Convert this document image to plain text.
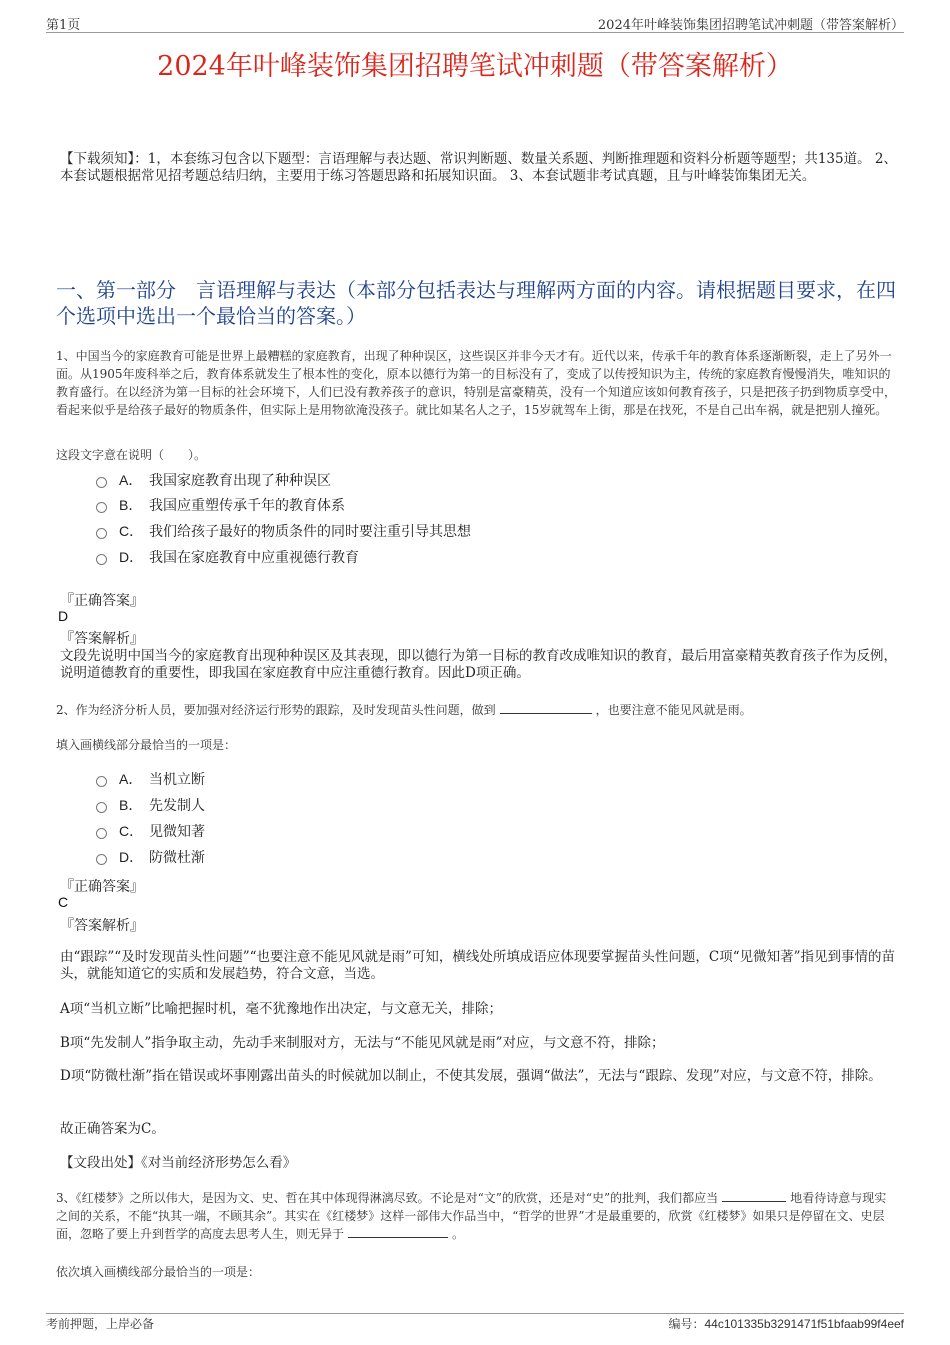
第1页	2024年叶峰装饰集团招聘笔试冲刺题（带答案解析）
2024年叶峰装饰集团招聘笔试冲刺题（带答案解析）
【下载须知】：1，本套练习包含以下题型：言语理解与表达题、常识判断题、数量关系题、判断推理题和资料分析题等题型；共135道。 2、本套试题根据常见招考题总结归纳，主要用于练习答题思路和拓展知识面。 3、本套试题非考试真题，且与叶峰装饰集团无关。
一、第一部分　言语理解与表达（本部分包括表达与理解两方面的内容。请根据题目要求，在四个选项中选出一个最恰当的答案。）
1、中国当今的家庭教育可能是世界上最糟糕的家庭教育，出现了种种误区，这些误区并非今天才有。近代以来，传承千年的教育体系逐渐断裂，走上了另外一面。从1905年废科举之后，教育体系就发生了根本性的变化，原本以德行为第一的目标没有了，变成了以传授知识为主，传统的家庭教育慢慢消失，唯知识的教育盛行。在以经济为第一目标的社会环境下，人们已没有教养孩子的意识，特别是富豪精英，没有一个知道应该如何教育孩子，只是把孩子扔到物质享受中，看起来似乎是给孩子最好的物质条件，但实际上是用物欲淹没孩子。就比如某名人之子，15岁就驾车上街，那是在找死，不是自己出车祸，就是把别人撞死。
这段文字意在说明（　　）。
A． 我国家庭教育出现了种种误区
B． 我国应重塑传承千年的教育体系
C． 我们给孩子最好的物质条件的同时要注重引导其思想
D． 我国在家庭教育中应重视德行教育
『正确答案』
D
『答案解析』
文段先说明中国当今的家庭教育出现种种误区及其表现，即以德行为第一目标的教育改成唯知识的教育，最后用富豪精英教育孩子作为反例，说明道德教育的重要性，即我国在家庭教育中应注重德行教育。因此D项正确。
2、作为经济分析人员，要加强对经济运行形势的跟踪，及时发现苗头性问题，做到	，也要注意不能见风就是雨。
填入画横线部分最恰当的一项是：
A． 当机立断
B． 先发制人
C． 见微知著
D． 防微杜渐
『正确答案』
C
『答案解析』
由“跟踪”“及时发现苗头性问题”“也要注意不能见风就是雨”可知，横线处所填成语应体现要掌握苗头性问题，C项“见微知著”指见到事情的苗头，就能知道它的实质和发展趋势，符合文意，当选。
A项“当机立断”比喻把握时机，毫不犹豫地作出决定，与文意无关，排除；
B项“先发制人”指争取主动，先动手来制服对方，无法与“不能见风就是雨”对应，与文意不符，排除；
D项“防微杜渐”指在错误或坏事刚露出苗头的时候就加以制止，不使其发展，强调“做法”，无法与“跟踪、发现”对应，与文意不符，排除。
故正确答案为C。
【文段出处】《对当前经济形势怎么看》
3、《红楼梦》之所以伟大，是因为文、史、哲在其中体现得淋漓尽致。不论是对“文”的欣赏，还是对“史”的批判，我们都应当	地看待诗意与现实之间的关系，不能“执其一端，不顾其余”。其实在《红楼梦》这样一部伟大作品当中，“哲学的世界”才是最重要的，欣赏《红楼梦》如果只是停留在文、史层面，忽略了要上升到哲学的高度去思考人生，则无异于	。
依次填入画横线部分最恰当的一项是：
考前押题，上岸必备	编号：44c101335b3291471f51bfaab99f4eef
